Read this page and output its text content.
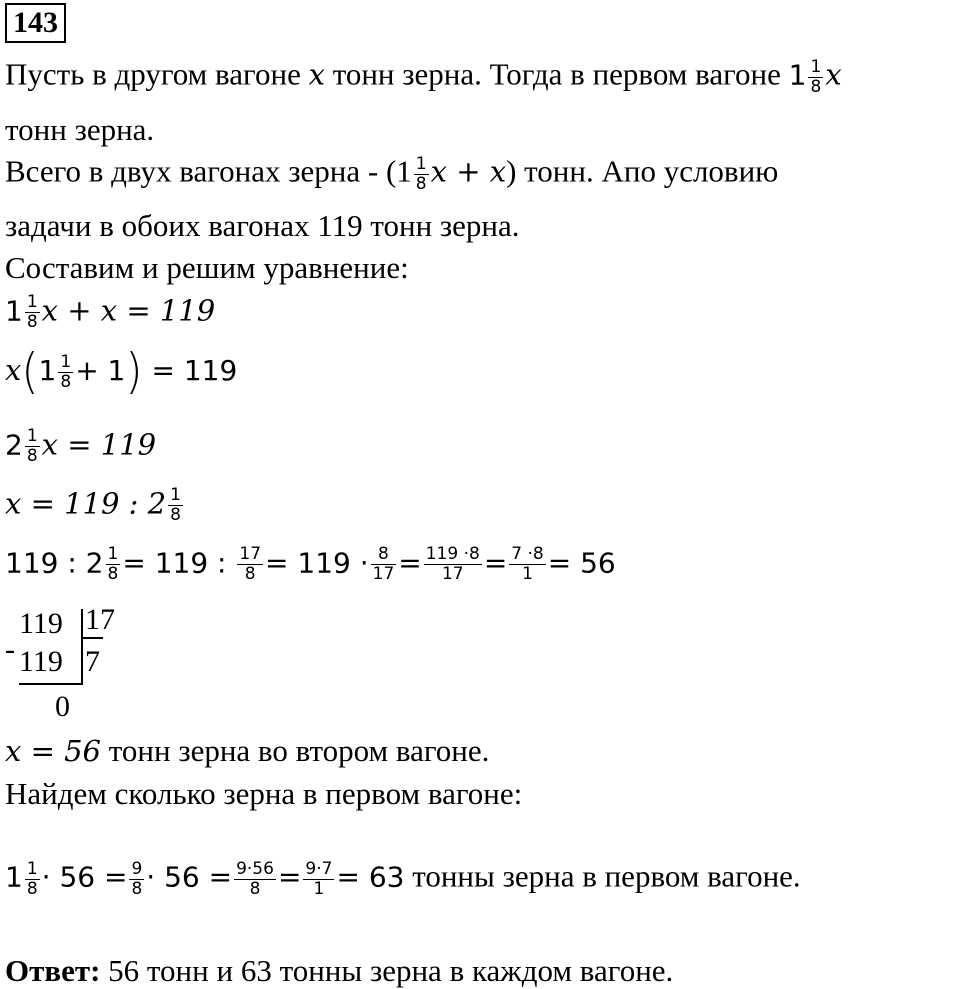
143
Пусть в другом вагоне x тонн зерна. Тогда в первом вагоне $1 \frac{1}{8}$ x
тонн зерна.
Всего в двух вагонах зерна - ($1 \frac{1}{8}$ x + x) тонн. Апо условию
задачи в обоих вагонах 119 тонн зерна.
Составим и решим уравнение:
$1 \frac{1}{8}$ x + x = 119
$x(1 \frac{1}{8} + 1) = 119$
$2 \frac{1}{8}$ x = 119
x = 119 : $2 \frac{1}{8}$
119 : $2 \frac{1}{8} = 119$ : $\frac{17}{8} = 119 \cdot \frac{8}{17} = \frac{119 \cdot 8}{17} = \frac{7 \cdot 8}{1} = 56$
-
119 17
119 7
0
x = 56 тонн зерна во втором вагоне.
Найдем сколько зерна в первом вагоне:
$1 \frac{1}{8} \cdot 56 = \frac{9}{8} \cdot 56 = \frac{9\cdot 56}{8} = \frac{9\cdot 7}{1} = 63$ тонны зерна в первом вагоне.
Ответ: 56 тонн и 63 тонны зерна в каждом вагоне.
